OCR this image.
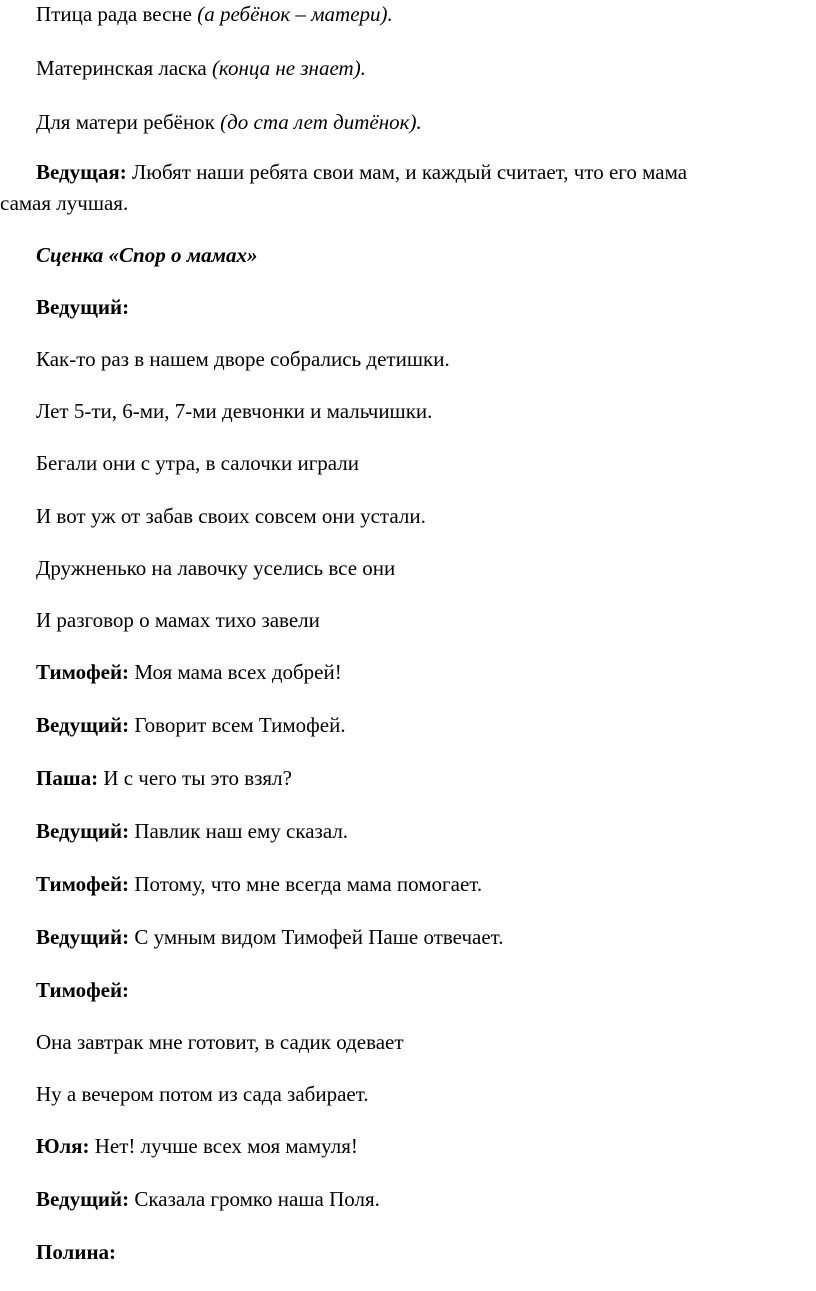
Птица рада весне (а ребёнок – матери).
Материнская ласка (конца не знает).
Для матери ребёнок (до ста лет дитёнок).
Ведущая: Любят наши ребята свои мам, и каждый считает, что его мама
самая лучшая.
Сценка «Спор о мамах»
Ведущий:
Как-то раз в нашем дворе собрались детишки.
Лет 5-ти, 6-ми, 7-ми девчонки и мальчишки.
Бегали они с утра, в салочки играли
И вот уж от забав своих совсем они устали.
Дружненько на лавочку уселись все они
И разговор о мамах тихо завели
Тимофей: Моя мама всех добрей!
Ведущий: Говорит всем Тимофей.
Паша: И с чего ты это взял?
Ведущий: Павлик наш ему сказал.
Тимофей: Потому, что мне всегда мама помогает.
Ведущий: С умным видом Тимофей Паше отвечает.
Тимофей:
Она завтрак мне готовит, в садик одевает
Ну а вечером потом из сада забирает.
Юля: Нет! лучше всех моя мамуля!
Ведущий: Сказала громко наша Поля.
Полина:
